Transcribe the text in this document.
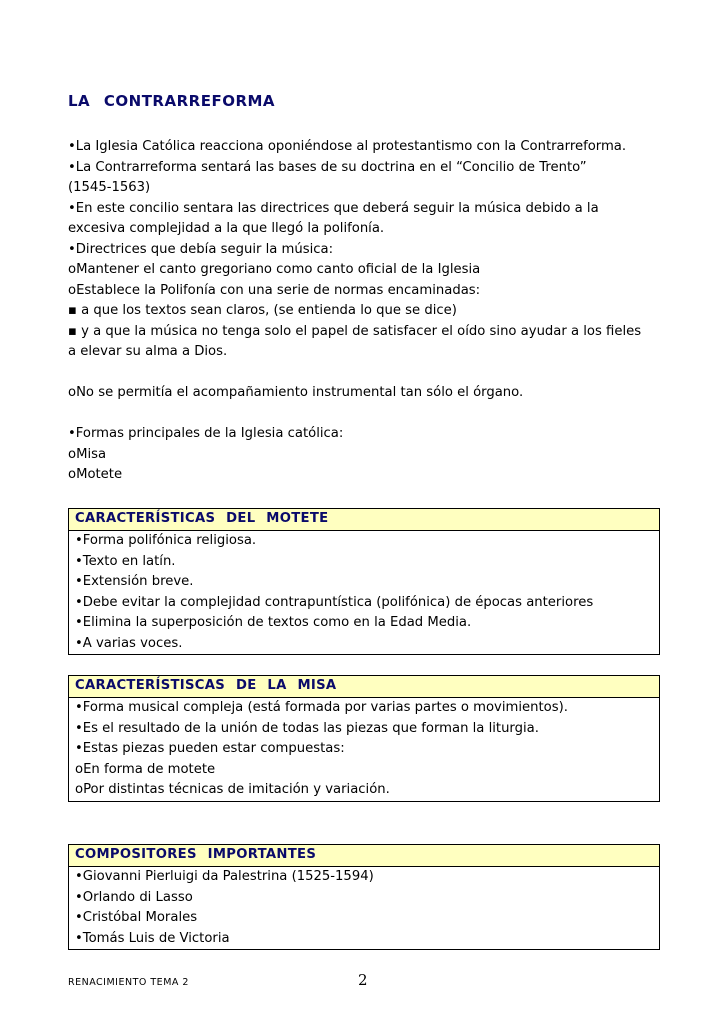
LA CONTRARREFORMA
•La Iglesia Católica reacciona oponiéndose al protestantismo con la Contrarreforma.
•La Contrarreforma sentará las bases de su doctrina en el “Concilio de Trento”
(1545-1563)
•En este concilio sentara las directrices que deberá seguir la música debido a la
excesiva complejidad a la que llegó la polifonía.
•Directrices que debía seguir la música:
oMantener el canto gregoriano como canto oficial de la Iglesia
oEstablece la Polifonía con una serie de normas encaminadas:
▪ a que los textos sean claros, (se entienda lo que se dice)
▪ y a que la música no tenga solo el papel de satisfacer el oído sino ayudar a los fieles
a elevar su alma a Dios.
oNo se permitía el acompañamiento instrumental tan sólo el órgano.
•Formas principales de la Iglesia católica:
oMisa
oMotete
CARACTERÍSTICAS DEL MOTETE
•Forma polifónica religiosa.
•Texto en latín.
•Extensión breve.
•Debe evitar la complejidad contrapuntística (polifónica) de épocas anteriores
•Elimina la superposición de textos como en la Edad Media.
•A varias voces.
CARACTERÍSTISCAS DE LA MISA
•Forma musical compleja (está formada por varias partes o movimientos).
•Es el resultado de la unión de todas las piezas que forman la liturgia.
•Estas piezas pueden estar compuestas:
oEn forma de motete
oPor distintas técnicas de imitación y variación.
COMPOSITORES IMPORTANTES
•Giovanni Pierluigi da Palestrina (1525-1594)
•Orlando di Lasso
•Cristóbal Morales
•Tomás Luis de Victoria
RENACIMIENTO TEMA 2	2
